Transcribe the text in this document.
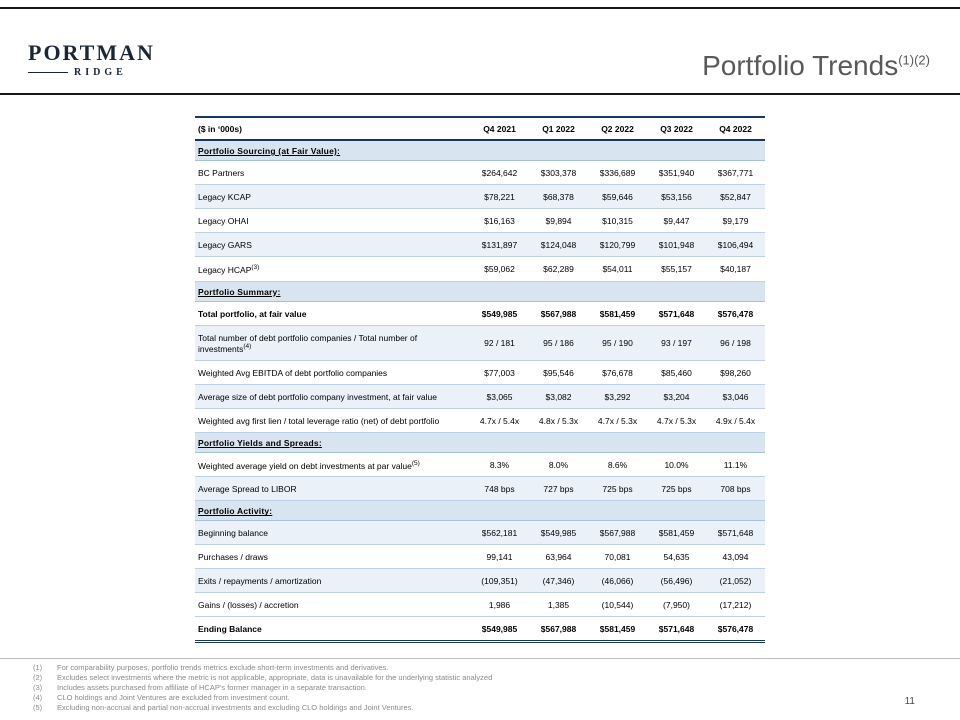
PORTMAN
RIDGE	Portfolio Trends$^{(1)(2)}$
($ in ‘000s)	Q4 2021	Q1 2022	Q2 2022	Q3 2022	Q4 2022
Portfolio Sourcing (at Fair Value):					
BC Partners	$264,642	$303,378	$336,689	$351,940	$367,771
Legacy KCAP	$78,221	$68,378	$59,646	$53,156	$52,847
Legacy OHAI	$16,163	$9,894	$10,315	$9,447	$9,179
Legacy GARS	$131,897	$124,048	$120,799	$101,948	$106,494
Legacy HCAP$^{(3)}$	$59,062	$62,289	$54,011	$55,157	$40,187
Portfolio Summary:					
Total portfolio, at fair value	$549,985	$567,988	$581,459	$571,648	$576,478
Total number of debt portfolio companies / Total number of investments$^{(4)}$	92 / 181	95 / 186	95 / 190	93 / 197	96 / 198
Weighted Avg EBITDA of debt portfolio companies	$77,003	$95,546	$76,678	$85,460	$98,260
Average size of debt portfolio company investment, at fair value	$3,065	$3,082	$3,292	$3,204	$3,046
Weighted avg first lien / total leverage ratio (net) of debt portfolio	4.7x / 5.4x	4.8x / 5.3x	4.7x / 5.3x	4.7x / 5.3x	4.9x / 5.4x
Portfolio Yields and Spreads:					
Weighted average yield on debt investments at par value$^{(5)}$	8.3%	8.0%	8.6%	10.0%	11.1%
Average Spread to LIBOR	748 bps	727 bps	725 bps	725 bps	708 bps
Portfolio Activity:					
Beginning balance	$562,181	$549,985	$567,988	$581,459	$571,648
Purchases / draws	99,141	63,964	70,081	54,635	43,094
Exits / repayments / amortization	(109,351)	(47,346)	(46,066)	(56,496)	(21,052)
Gains / (losses) / accretion	1,986	1,385	(10,544)	(7,950)	(17,212)
Ending Balance	$549,985	$567,988	$581,459	$571,648	$576,478
(1)	For comparability purposes, portfolio trends metrics exclude short-term investments and derivatives.
(2)	Excludes select investments where the metric is not applicable, appropriate, data is unavailable for the underlying statistic analyzed
(3)	Includes assets purchased from affiliate of HCAP’s former manager in a separate transaction.
(4)	CLO holdings and Joint Ventures are excluded from investment count.
(5)	Excluding non-accrual and partial non-accrual investments and excluding CLO holdings and Joint Ventures.
11
